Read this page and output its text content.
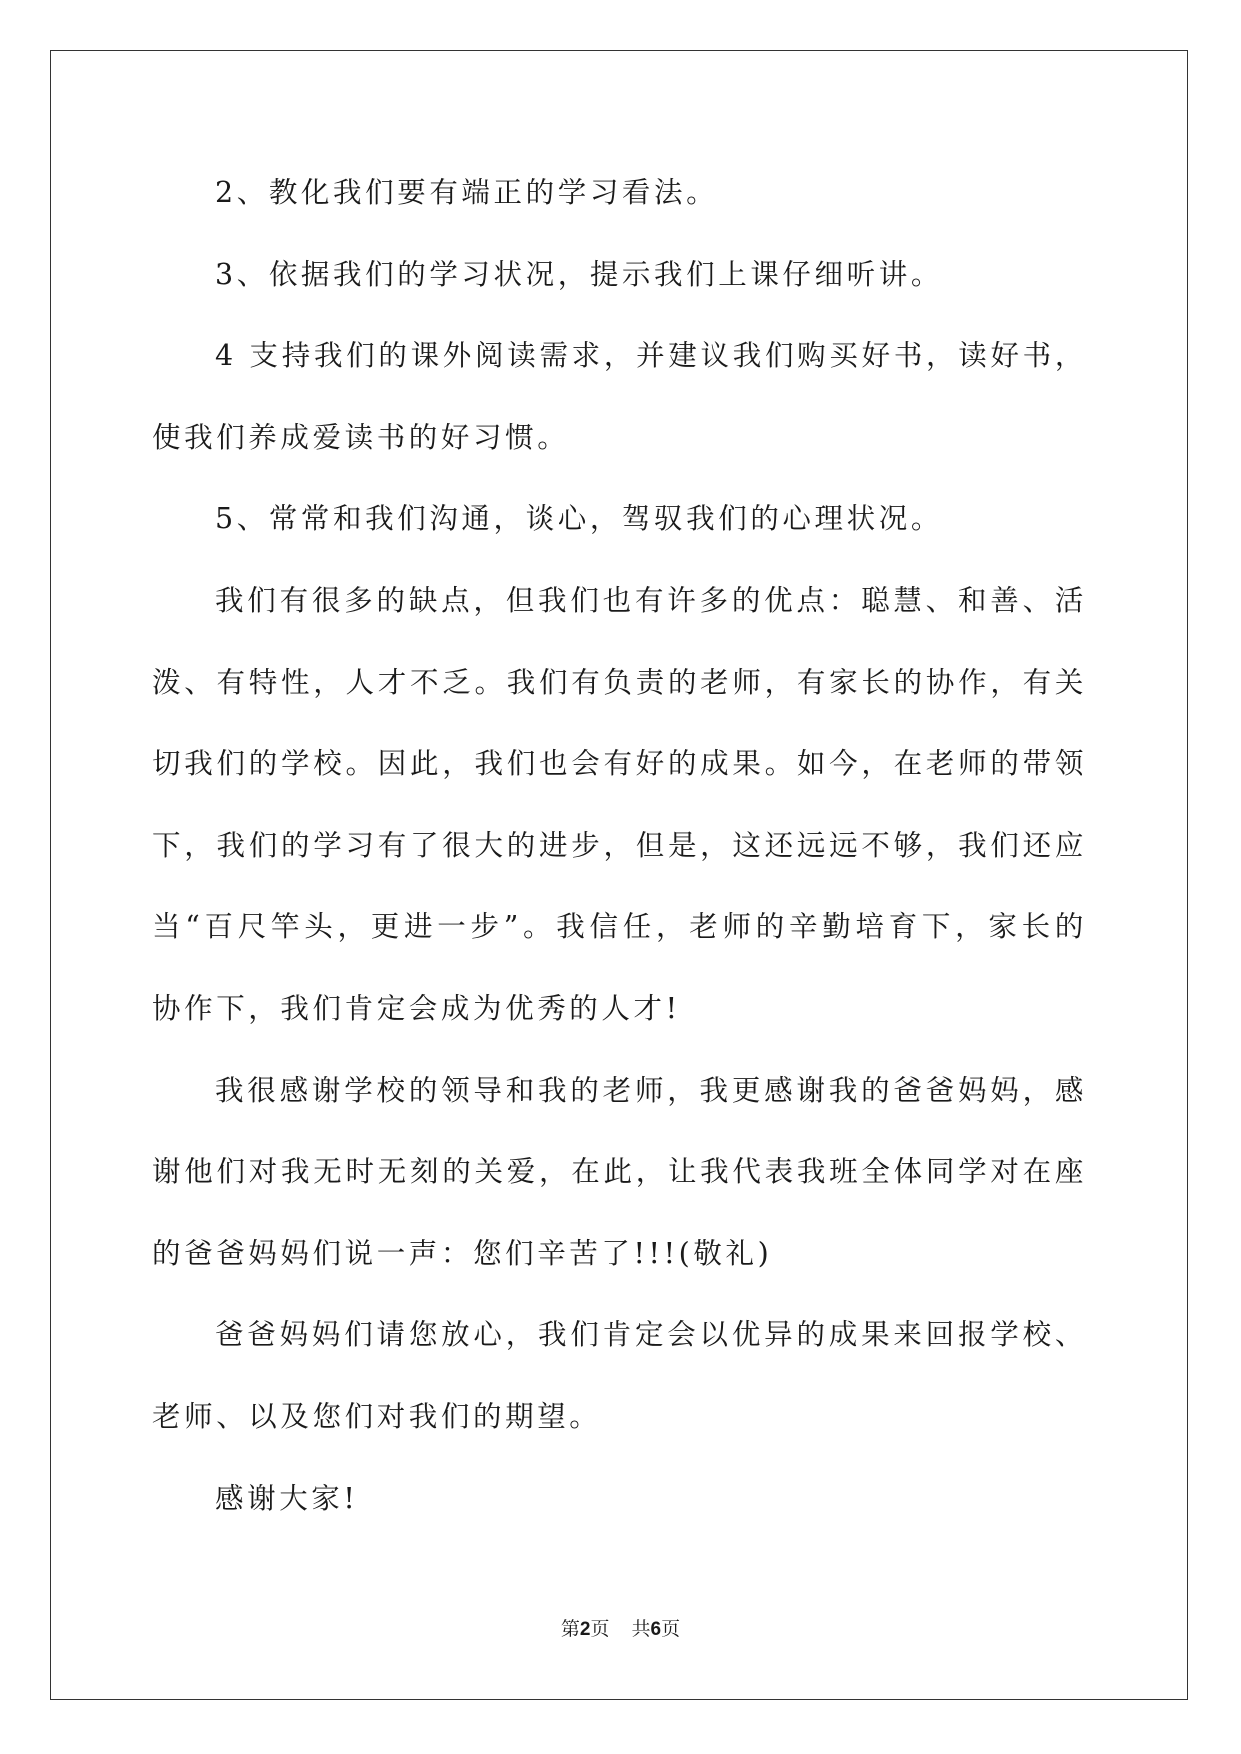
2、教化我们要有端正的学习看法。

3、依据我们的学习状况，提示我们上课仔细听讲。

4 支持我们的课外阅读需求，并建议我们购买好书，读好书，使我们养成爱读书的好习惯。

5、常常和我们沟通，谈心，驾驭我们的心理状况。

我们有很多的缺点，但我们也有许多的优点：聪慧、和善、活泼、有特性，人才不乏。我们有负责的老师，有家长的协作，有关切我们的学校。因此，我们也会有好的成果。如今，在老师的带领下，我们的学习有了很大的进步，但是，这还远远不够，我们还应当“百尺竿头，更进一步”。我信任，老师的辛勤培育下，家长的协作下，我们肯定会成为优秀的人才!

我很感谢学校的领导和我的老师，我更感谢我的爸爸妈妈，感谢他们对我无时无刻的关爱，在此，让我代表我班全体同学对在座的爸爸妈妈们说一声：您们辛苦了!!!(敬礼)

爸爸妈妈们请您放心，我们肯定会以优异的成果来回报学校、老师、以及您们对我们的期望。

感谢大家!

第2页 共6页
